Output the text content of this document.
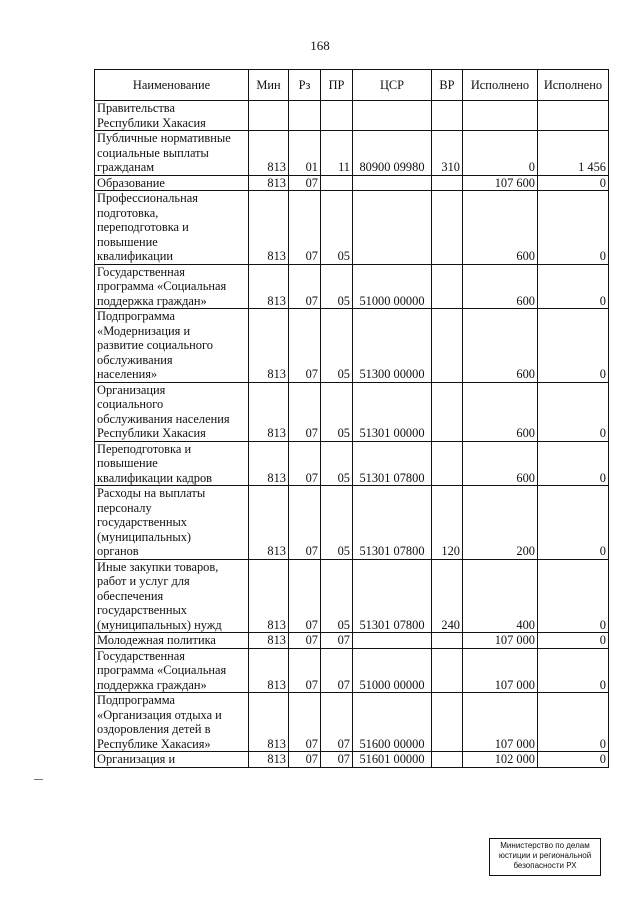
168
Наименование	Мин	Рз	ПР	ЦСР	ВР	Исполнено	Исполнено
Правительства
Республики Хакасия							
Публичные нормативные
социальные выплаты
гражданам	813	01	11	80900 09980	310	0	1 456
Образование	813	07				107 600	0
Профессиональная
подготовка,
переподготовка и
повышение
квалификации	813	07	05			600	0
Государственная
программа «Социальная
поддержка граждан»	813	07	05	51000 00000		600	0
Подпрограмма
«Модернизация и
развитие социального
обслуживания
населения»	813	07	05	51300 00000		600	0
Организация
социального
обслуживания населения
Республики Хакасия	813	07	05	51301 00000		600	0
Переподготовка и
повышение
квалификации кадров	813	07	05	51301 07800		600	0
Расходы на выплаты
персоналу
государственных
(муниципальных)
органов	813	07	05	51301 07800	120	200	0
Иные закупки товаров,
работ и услуг для
обеспечения
государственных
(муниципальных) нужд	813	07	05	51301 07800	240	400	0
Молодежная политика	813	07	07			107 000	0
Государственная
программа «Социальная
поддержка граждан»	813	07	07	51000 00000		107 000	0
Подпрограмма
«Организация отдыха и
оздоровления детей в
Республике Хакасия»	813	07	07	51600 00000		107 000	0
Организация и	813	07	07	51601 00000		102 000	0
Министерство по делам
юстиции и региональной
безопасности РХ
